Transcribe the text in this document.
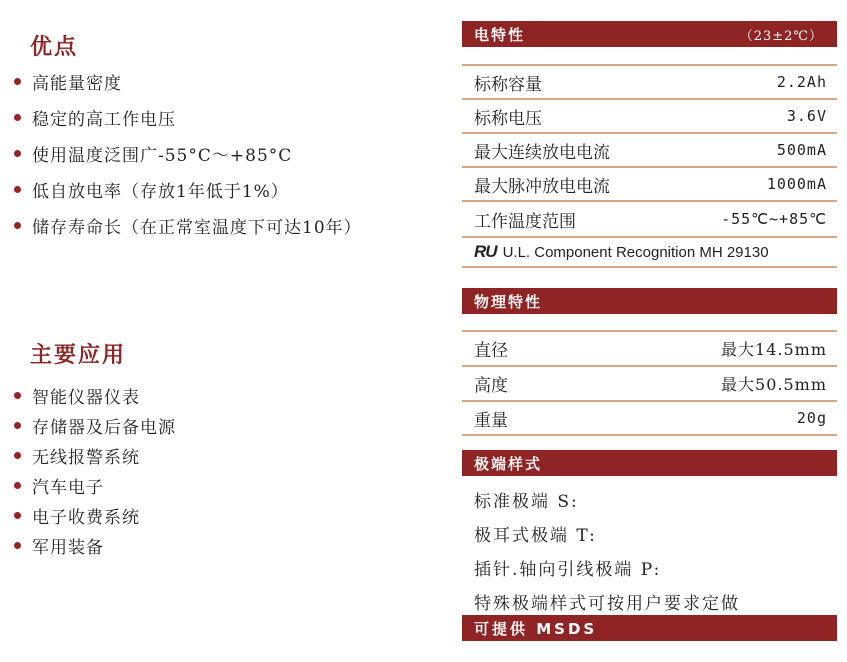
优点
高能量密度
稳定的高工作电压
使用温度泛围广-55°C～+85°C
低自放电率（存放1年低于1%）
储存寿命长（在正常室温度下可达10年）
主要应用
智能仪器仪表
存储器及后备电源
无线报警系统
汽车电子
电子收费系统
军用装备
电特性	（23±2℃）
标称容量	2.2Ah
标称电压	3.6V
最大连续放电电流	500mA
最大脉冲放电电流	1000mA
工作温度范围	-55℃~+85℃
RU U.L. Component Recognition MH 29130
物理特性
直径	最大14.5mm
高度	最大50.5mm
重量	20g
极端样式
标准极端 S:
极耳式极端 T:
插针.轴向引线极端 P:
特殊极端样式可按用户要求定做
可提供 MSDS
